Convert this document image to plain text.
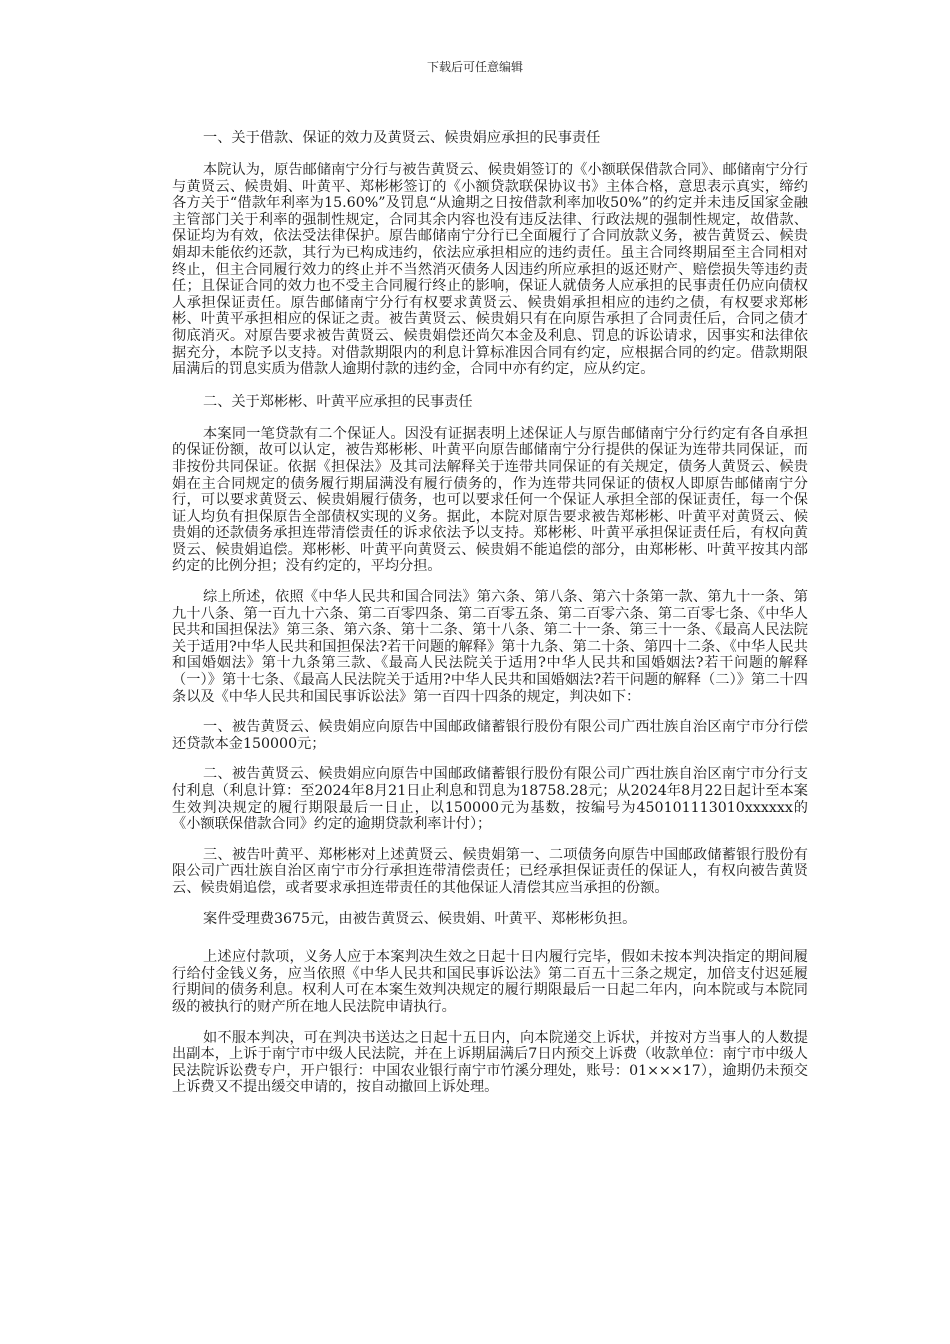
下载后可任意编辑

一、关于借款、保证的效力及黄贤云、候贵娟应承担的民事责任

本院认为，原告邮储南宁分行与被告黄贤云、候贵娟签订的《小额联保借款合同》、邮储南宁分行与黄贤云、候贵娟、叶黄平、郑彬彬签订的《小额贷款联保协议书》主体合格，意思表示真实，缔约各方关于“借款年利率为15.60%”及罚息“从逾期之日按借款利率加收50%”的约定并未违反国家金融主管部门关于利率的强制性规定，合同其余内容也没有违反法律、行政法规的强制性规定，故借款、保证均为有效，依法受法律保护。原告邮储南宁分行已全面履行了合同放款义务，被告黄贤云、候贵娟却未能依约还款，其行为已构成违约，依法应承担相应的违约责任。虽主合同终期届至主合同相对终止，但主合同履行效力的终止并不当然消灭债务人因违约所应承担的返还财产、赔偿损失等违约责任；且保证合同的效力也不受主合同履行终止的影响，保证人就债务人应承担的民事责任仍应向债权人承担保证责任。原告邮储南宁分行有权要求黄贤云、候贵娟承担相应的违约之债，有权要求郑彬彬、叶黄平承担相应的保证之责。被告黄贤云、候贵娟只有在向原告承担了合同责任后，合同之债才彻底消灭。对原告要求被告黄贤云、候贵娟偿还尚欠本金及利息、罚息的诉讼请求，因事实和法律依据充分，本院予以支持。对借款期限内的利息计算标准因合同有约定，应根据合同的约定。借款期限届满后的罚息实质为借款人逾期付款的违约金，合同中亦有约定，应从约定。

二、关于郑彬彬、叶黄平应承担的民事责任

本案同一笔贷款有二个保证人。因没有证据表明上述保证人与原告邮储南宁分行约定有各自承担的保证份额，故可以认定，被告郑彬彬、叶黄平向原告邮储南宁分行提供的保证为连带共同保证，而非按份共同保证。依据《担保法》及其司法解释关于连带共同保证的有关规定，债务人黄贤云、候贵娟在主合同规定的债务履行期届满没有履行债务的，作为连带共同保证的债权人即原告邮储南宁分行，可以要求黄贤云、候贵娟履行债务，也可以要求任何一个保证人承担全部的保证责任，每一个保证人均负有担保原告全部债权实现的义务。据此，本院对原告要求被告郑彬彬、叶黄平对黄贤云、候贵娟的还款债务承担连带清偿责任的诉求依法予以支持。郑彬彬、叶黄平承担保证责任后，有权向黄贤云、候贵娟追偿。郑彬彬、叶黄平向黄贤云、候贵娟不能追偿的部分，由郑彬彬、叶黄平按其内部约定的比例分担；没有约定的，平均分担。

综上所述，依照《中华人民共和国合同法》第六条、第八条、第六十条第一款、第九十一条、第九十八条、第一百九十六条、第二百零四条、第二百零五条、第二百零六条、第二百零七条、《中华人民共和国担保法》第三条、第六条、第十二条、第十八条、第二十一条、第三十一条、《最高人民法院关于适用?中华人民共和国担保法?若干问题的解释》第十九条、第二十条、第四十二条、《中华人民共和国婚姻法》第十九条第三款、《最高人民法院关于适用?中华人民共和国婚姻法?若干问题的解释（一）》第十七条、《最高人民法院关于适用?中华人民共和国婚姻法?若干问题的解释（二）》第二十四条以及《中华人民共和国民事诉讼法》第一百四十四条的规定，判决如下：

一、被告黄贤云、候贵娟应向原告中国邮政储蓄银行股份有限公司广西壮族自治区南宁市分行偿还贷款本金150000元；

二、被告黄贤云、候贵娟应向原告中国邮政储蓄银行股份有限公司广西壮族自治区南宁市分行支付利息（利息计算：至2024年8月21日止利息和罚息为18758.28元；从2024年8月22日起计至本案生效判决规定的履行期限最后一日止，以150000元为基数，按编号为450101113010xxxxxx的《小额联保借款合同》约定的逾期贷款利率计付）；

三、被告叶黄平、郑彬彬对上述黄贤云、候贵娟第一、二项债务向原告中国邮政储蓄银行股份有限公司广西壮族自治区南宁市分行承担连带清偿责任；已经承担保证责任的保证人，有权向被告黄贤云、候贵娟追偿，或者要求承担连带责任的其他保证人清偿其应当承担的份额。

案件受理费3675元，由被告黄贤云、候贵娟、叶黄平、郑彬彬负担。

上述应付款项，义务人应于本案判决生效之日起十日内履行完毕，假如未按本判决指定的期间履行给付金钱义务，应当依照《中华人民共和国民事诉讼法》第二百五十三条之规定，加倍支付迟延履行期间的债务利息。权利人可在本案生效判决规定的履行期限最后一日起二年内，向本院或与本院同级的被执行的财产所在地人民法院申请执行。

如不服本判决，可在判决书送达之日起十五日内，向本院递交上诉状，并按对方当事人的人数提出副本，上诉于南宁市中级人民法院，并在上诉期届满后7日内预交上诉费（收款单位：南宁市中级人民法院诉讼费专户，开户银行：中国农业银行南宁市竹溪分理处，账号：01×××17），逾期仍未预交上诉费又不提出缓交申请的，按自动撤回上诉处理。
